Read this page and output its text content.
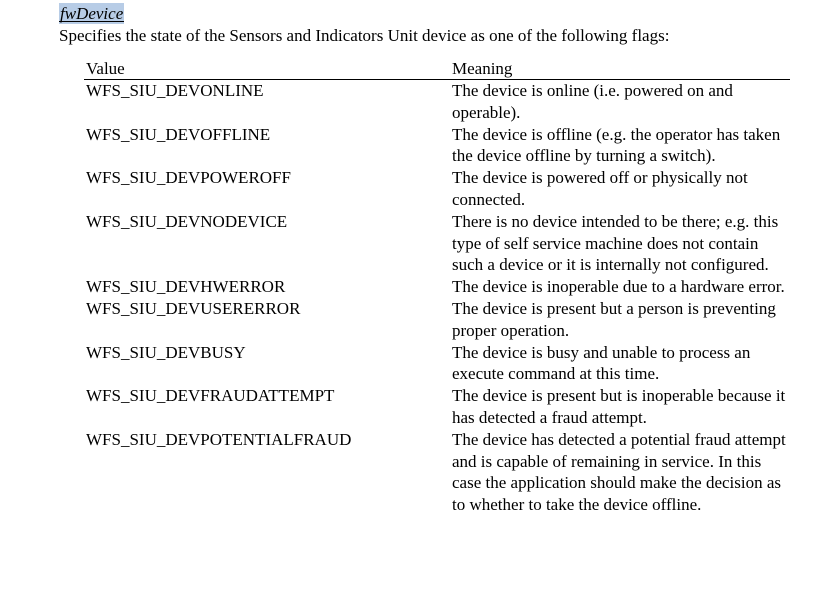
fwDevice
Specifies the state of the Sensors and Indicators Unit device as one of the following flags:
Value	Meaning
WFS_SIU_DEVONLINE	The device is online (i.e. powered on and operable).
WFS_SIU_DEVOFFLINE	The device is offline (e.g. the operator has taken the device offline by turning a switch).
WFS_SIU_DEVPOWEROFF	The device is powered off or physically not connected.
WFS_SIU_DEVNODEVICE	There is no device intended to be there; e.g. this type of self service machine does not contain such a device or it is internally not configured.
WFS_SIU_DEVHWERROR	The device is inoperable due to a hardware error.
WFS_SIU_DEVUSERERROR	The device is present but a person is preventing proper operation.
WFS_SIU_DEVBUSY	The device is busy and unable to process an execute command at this time.
WFS_SIU_DEVFRAUDATTEMPT	The device is present but is inoperable because it has detected a fraud attempt.
WFS_SIU_DEVPOTENTIALFRAUD	The device has detected a potential fraud attempt and is capable of remaining in service. In this case the application should make the decision as to whether to take the device offline.
